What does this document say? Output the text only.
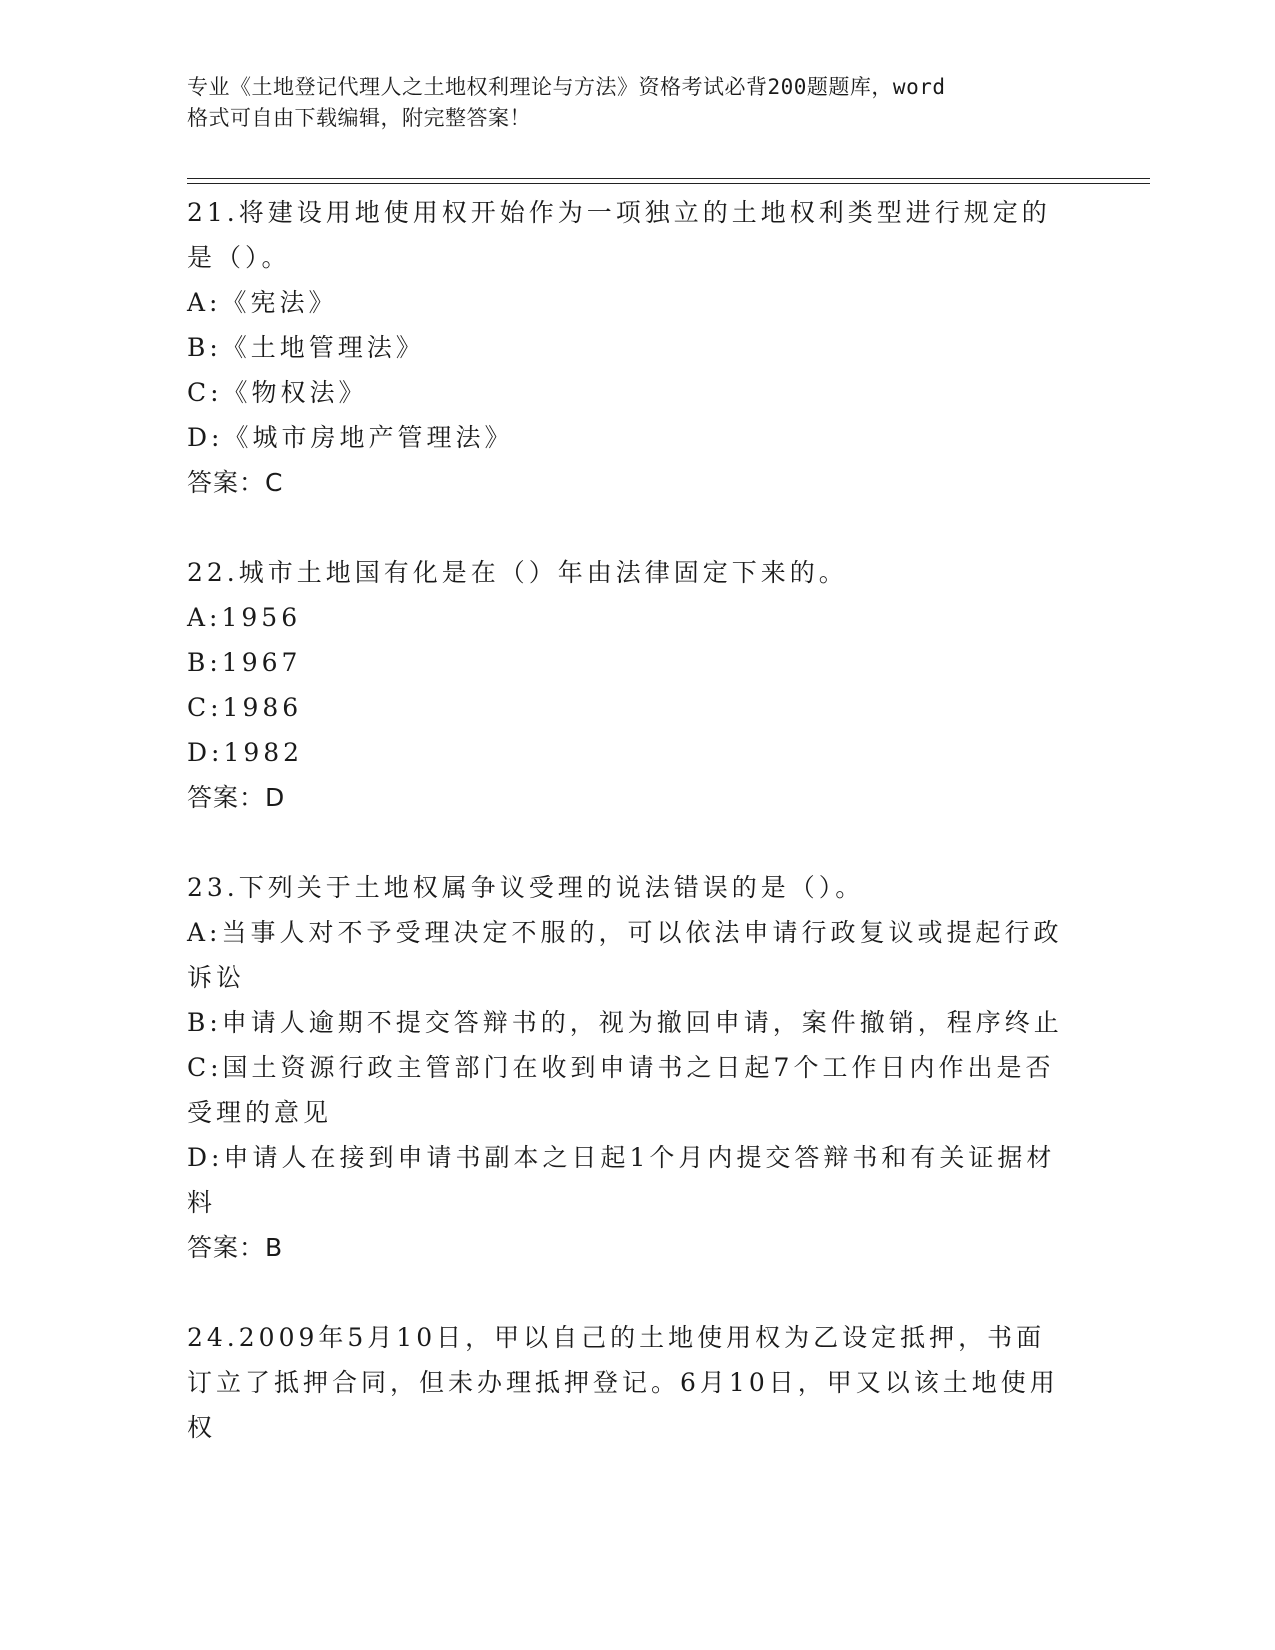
专业《土地登记代理人之土地权利理论与方法》资格考试必背200题题库，word
格式可自由下载编辑，附完整答案！
21.将建设用地使用权开始作为一项独立的土地权利类型进行规定的是（）。
A:《宪法》
B:《土地管理法》
C:《物权法》
D:《城市房地产管理法》
答案：C
22.城市土地国有化是在（）年由法律固定下来的。
A:1956
B:1967
C:1986
D:1982
答案：D
23.下列关于土地权属争议受理的说法错误的是（）。
A:当事人对不予受理决定不服的，可以依法申请行政复议或提起行政诉讼
B:申请人逾期不提交答辩书的，视为撤回申请，案件撤销，程序终止
C:国土资源行政主管部门在收到申请书之日起7个工作日内作出是否受理的意见
D:申请人在接到申请书副本之日起1个月内提交答辩书和有关证据材料
答案：B
24.2009年5月10日，甲以自己的土地使用权为乙设定抵押，书面订立了抵押合同，但未办理抵押登记。6月10日，甲又以该土地使用权
